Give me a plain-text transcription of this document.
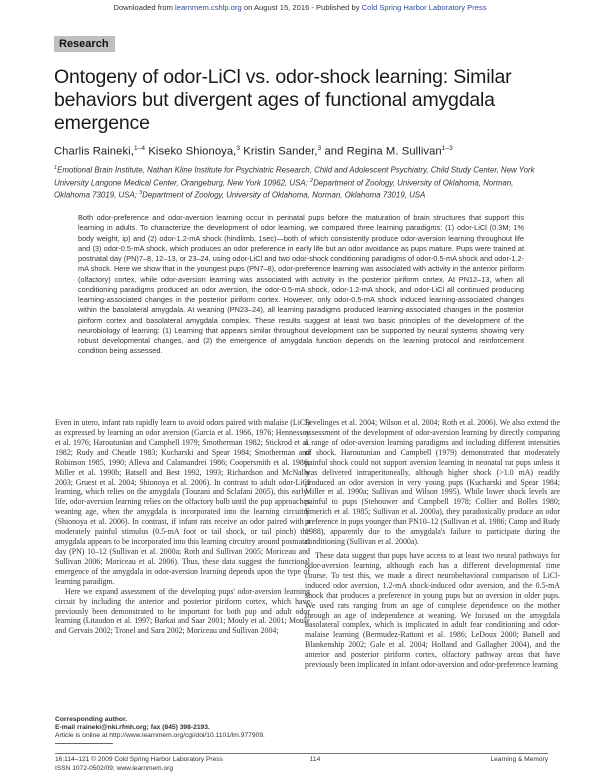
Downloaded from learnmem.cshlp.org on August 15, 2016 - Published by Cold Spring Harbor Laboratory Press
Research
Ontogeny of odor-LiCl vs. odor-shock learning: Similar behaviors but divergent ages of functional amygdala emergence
Charlis Raineki,$^{1-4}$ Kiseko Shionoya,$^3$ Kristin Sander,$^3$ and Regina M. Sullivan$^{1-3}$
$^1$Emotional Brain Institute, Nathan Kline Institute for Psychiatric Research, Child and Adolescent Psychiatry, Child Study Center, New York University Langone Medical Center, Orangeburg, New York 10962, USA; $^2$Department of Zoology, University of Oklahoma, Norman, Oklahoma 73019, USA; $^3$Department of Zoology, University of Oklahoma, Norman, Oklahoma 73019, USA
Both odor-preference and odor-aversion learning occur in perinatal pups before the maturation of brain structures that support this learning in adults. To characterize the development of odor learning, we compared three learning paradigms: (1) odor-LiCl (0.3M; 1% body weight, ip) and (2) odor-1.2-mA shock (hindlimb, 1sec)—both of which consistently produce odor-aversion learning throughout life and (3) odor-0.5-mA shock, which produces an odor preference in early life but an odor avoidance as pups mature. Pups were trained at postnatal day (PN)7–8, 12–13, or 23–24, using odor-LiCl and two odor-shock conditioning paradigms of odor-0.5-mA shock and odor-1.2-mA shock. Here we show that in the youngest pups (PN7–8), odor-preference learning was associated with activity in the anterior piriform (olfactory) cortex, while odor-aversion learning was associated with activity in the posterior piriform cortex. At PN12–13, when all conditioning paradigms produced an odor aversion, the odor-0.5-mA shock, odor-1.2-mA shock, and odor-LiCl all continued producing learning-associated changes in the posterior piriform cortex. However, only odor-0.5-mA shock induced learning-associated changes within the basolateral amygdala. At weaning (PN23–24), all learning paradigms produced learning-associated changes in the posterior piriform cortex and basolateral amygdala complex. These results suggest at least two basic principles of the development of the neurobiology of learning: (1) Learning that appears similar throughout development can be supported by neural systems showing very robust developmental changes, and (2) the emergence of amygdala function depends on the learning protocol and reinforcement condition being assessed.

Even in utero, infant rats rapidly learn to avoid odors paired with malaise (LiCl) as expressed by learning an odor aversion (Garcia et al. 1966, 1976; Hennessey et al. 1976; Haroutunian and Campbell 1979; Smotherman 1982; Stickrod et al. 1982; Rudy and Cheatle 1983; Kucharski and Spear 1984; Smotherman and Robinson 1985, 1990; Alleva and Calamandrei 1986; Coopersmith et al. 1986; Miller et al. 1990b; Batsell and Best 1992, 1993; Richardson and McNally 2003; Gruest et al. 2004; Shionoya et al. 2006). In contrast to adult odor-LiCl learning, which relies on the amygdala (Touzani and Sclafani 2005), this early-life, odor-aversion learning relies on the olfactory bulb until the pup approaches weaning age, when the amygdala is incorporated into the learning circuitry (Shionoya et al. 2006). In contrast, if infant rats receive an odor paired with a moderately painful stimulus (0.5-mA foot or tail shock, or tail pinch) the amygdala appears to be incorporated into this learning circuitry around postnatal day (PN) 10–12 (Sullivan et al. 2000a; Roth and Sullivan 2005; Moriceau and Sullivan 2006; Moriceau et al. 2006). Thus, these data suggest the functional emergence of the amygdala in odor-aversion learning depends upon the type of learning paradigm.

Here we expand assessment of the developing pups' odor-aversion learning circuit by including the anterior and posterior piriform cortex, which have previously been demonstrated to be important for both pup and adult odor learning (Litaudon et al. 1997; Barkai and Saar 2001; Mouly et al. 2001; Mouly and Gervais 2002; Tronel and Sara 2002; Moriceau and Sullivan 2004;

Sevelinges et al. 2004; Wilson et al. 2004; Roth et al. 2006). We also extend the assessment of the development of odor-aversion learning by directly comparing a range of odor-aversion learning paradigms and including different intensities of shock. Haroutunian and Campbell (1979) demonstrated that moderately painful shock could not support aversion learning in neonatal rat pups unless it was delivered intraperitoneally, although higher shock (>1.0 mA) readily produced an odor aversion in very young pups (Kucharski and Spear 1984; Miller et al. 1990a; Sullivan and Wilson 1995). While lower shock levels are painful to pups (Stehouwer and Campbell 1978; Collier and Bolles 1980; Emerich et al. 1985; Sullivan et al. 2000a), they paradoxically produce an odor preference in pups younger than PN10–12 (Sullivan et al. 1986; Camp and Rudy 1988), apparently due to the amygdala's failure to participate during the conditioning (Sullivan et al. 2000a).

These data suggest that pups have access to at least two neural pathways for odor-aversion learning, although each has a different developmental time course. To test this, we made a direct neurobehavioral comparison of LiCl-induced odor aversion, 1.2-mA shock-induced odor aversion, and the 0.5-mA shock that produces a preference in young pups but an aversion in older pups. We used rats ranging from an age of complete dependence on the mother through an age of independence at weaning. We focused on the amygdala basolateral complex, which is implicated in adult fear conditioning and odor-malaise learning (Bermudez-Rattoni et al. 1986; LeDoux 2000; Batsell and Blankenship 2002; Gale et al. 2004; Holland and Gallagher 2004), and the anterior and posterior piriform cortex, olfactory pathway areas that have previously been implicated in infant odor-aversion and odor-preference learning

Corresponding author.
E-mail rraineki@nki.rfmh.org; fax (845) 398-2193.
Article is online at http://www.learnmem.org/cgi/doi/10.1101/lm.977909.
16:114–121 © 2009 Cold Spring Harbor Laboratory Press
ISSN 1072-0502/09; www.learnmem.org
114	Learning & Memory
